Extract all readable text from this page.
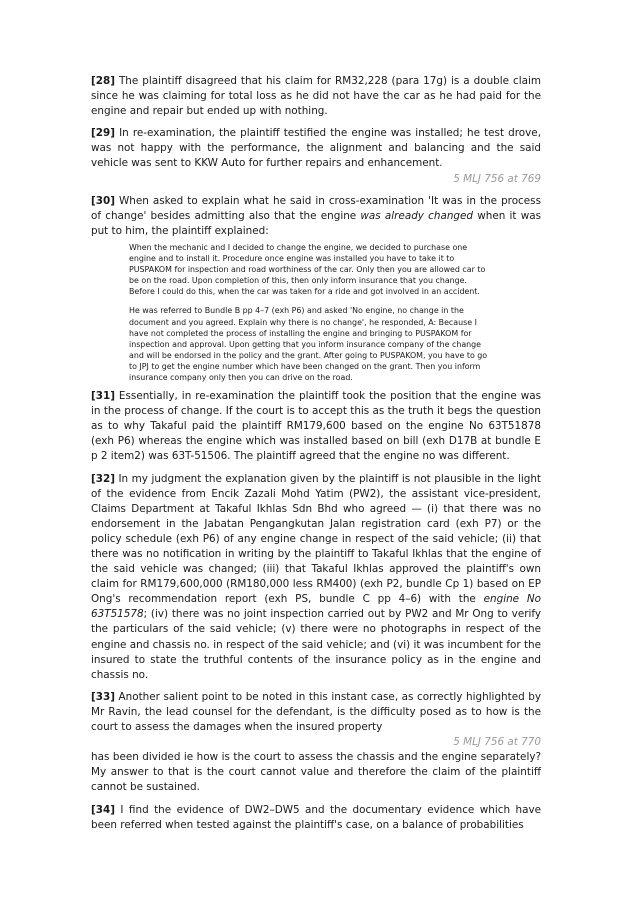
[28] The plaintiff disagreed that his claim for RM32,228 (para 17g) is a double claim since he was claiming for total loss as he did not have the car as he had paid for the engine and repair but ended up with nothing.

[29] In re-examination, the plaintiff testified the engine was installed; he test drove, was not happy with the performance, the alignment and balancing and the said vehicle was sent to KKW Auto for further repairs and enhancement.

5 MLJ 756 at 769

[30] When asked to explain what he said in cross-examination 'It was in the process of change' besides admitting also that the engine was already changed when it was put to him, the plaintiff explained:

When the mechanic and I decided to change the engine, we decided to purchase one engine and to install it. Procedure once engine was installed you have to take it to PUSPAKOM for inspection and road worthiness of the car. Only then you are allowed car to be on the road. Upon completion of this, then only inform insurance that you change. Before I could do this, when the car was taken for a ride and got involved in an accident.

He was referred to Bundle B pp 4–7 (exh P6) and asked 'No engine, no change in the document and you agreed. Explain why there is no change', he responded, A: Because I have not completed the process of installing the engine and bringing to PUSPAKOM for inspection and approval. Upon getting that you inform insurance company of the change and will be endorsed in the policy and the grant. After going to PUSPAKOM, you have to go to JPJ to get the engine number which have been changed on the grant. Then you inform insurance company only then you can drive on the road.

[31] Essentially, in re-examination the plaintiff took the position that the engine was in the process of change. If the court is to accept this as the truth it begs the question as to why Takaful paid the plaintiff RM179,600 based on the engine No 63T51878 (exh P6) whereas the engine which was installed based on bill (exh D17B at bundle E p 2 item2) was 63T-51506. The plaintiff agreed that the engine no was different.

[32] In my judgment the explanation given by the plaintiff is not plausible in the light of the evidence from Encik Zazali Mohd Yatim (PW2), the assistant vice-president, Claims Department at Takaful Ikhlas Sdn Bhd who agreed — (i) that there was no endorsement in the Jabatan Pengangkutan Jalan registration card (exh P7) or the policy schedule (exh P6) of any engine change in respect of the said vehicle; (ii) that there was no notification in writing by the plaintiff to Takaful Ikhlas that the engine of the said vehicle was changed; (iii) that Takaful Ikhlas approved the plaintiff's own claim for RM179,600,000 (RM180,000 less RM400) (exh P2, bundle Cp 1) based on EP Ong's recommendation report (exh PS, bundle C pp 4–6) with the engine No 63T51578; (iv) there was no joint inspection carried out by PW2 and Mr Ong to verify the particulars of the said vehicle; (v) there were no photographs in respect of the engine and chassis no. in respect of the said vehicle; and (vi) it was incumbent for the insured to state the truthful contents of the insurance policy as in the engine and chassis no.

[33] Another salient point to be noted in this instant case, as correctly highlighted by Mr Ravin, the lead counsel for the defendant, is the difficulty posed as to how is the court to assess the damages when the insured property

5 MLJ 756 at 770

has been divided ie how is the court to assess the chassis and the engine separately? My answer to that is the court cannot value and therefore the claim of the plaintiff cannot be sustained.

[34] I find the evidence of DW2–DW5 and the documentary evidence which have been referred when tested against the plaintiff's case, on a balance of probabilities
